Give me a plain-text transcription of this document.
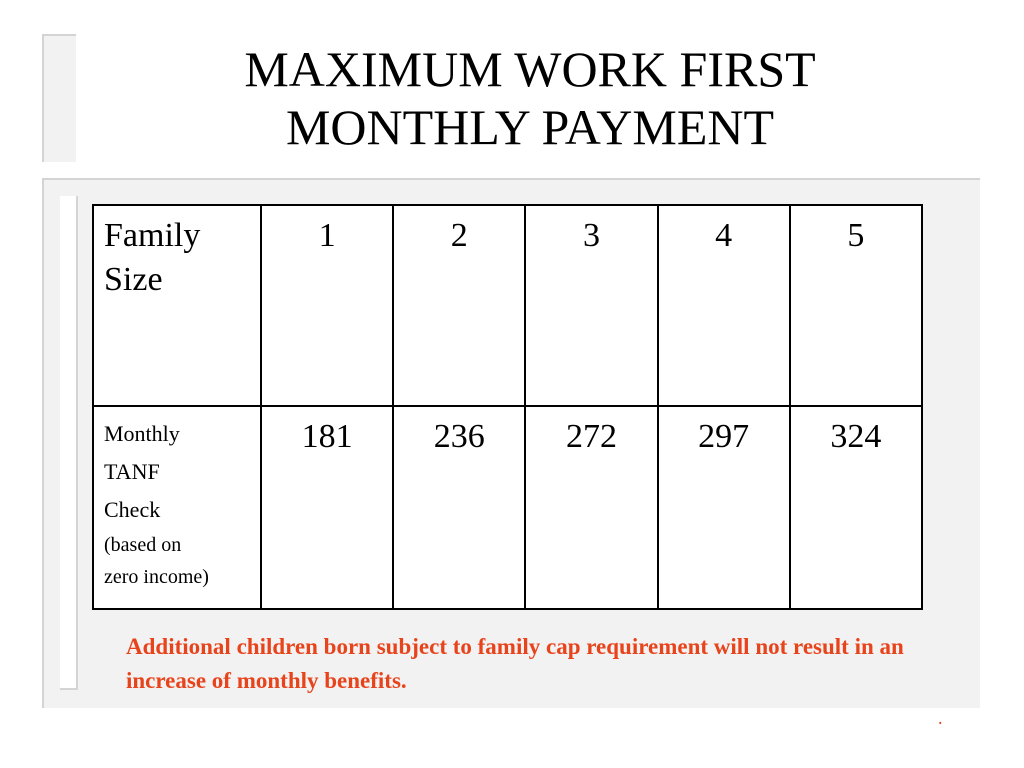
MAXIMUM WORK FIRST
MONTHLY PAYMENT
Family Size	1	2	3	4	5

Monthly
TANF
Check
(based on
zero income)	181	236	272	297	324
Additional children born subject to family cap requirement will not result in an increase of monthly benefits.
.
